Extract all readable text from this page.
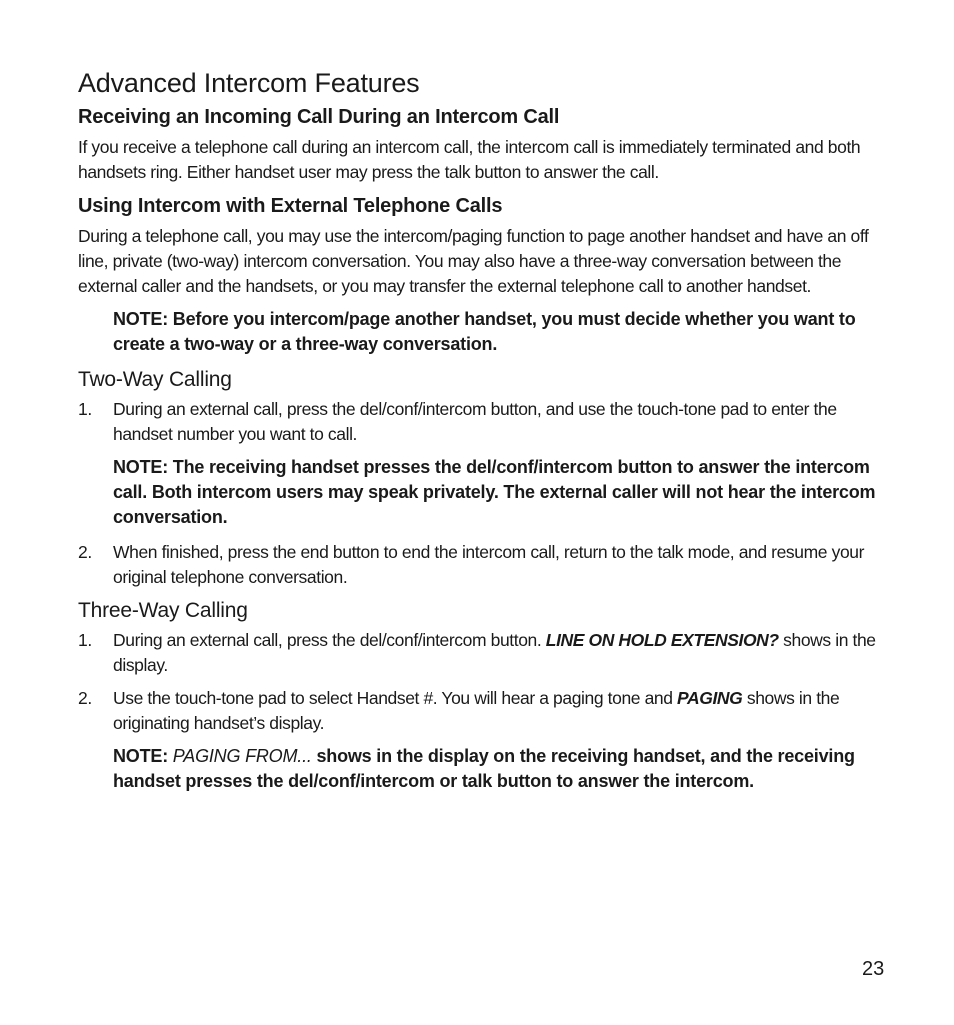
Advanced Intercom Features
Receiving an Incoming Call During an Intercom Call

If you receive a telephone call during an intercom call, the intercom call is immediately terminated and both handsets ring. Either handset user may press the talk button to answer the call.

Using Intercom with External Telephone Calls

During a telephone call, you may use the intercom/paging function to page another handset and have an off line, private (two-way) intercom conversation. You may also have a three-way conversation between the external caller and the handsets, or you may transfer the external telephone call to another handset.

NOTE: Before you intercom/page another handset, you must decide whether you want to create a two-way or a three-way conversation.

Two-Way Calling
1.	During an external call, press the del/conf/intercom button, and use the touch-tone pad to enter the handset number you want to call.

NOTE: The receiving handset presses the del/conf/intercom button to answer the intercom call. Both intercom users may speak privately. The external caller will not hear the intercom conversation.

2.	When finished, press the end button to end the intercom call, return to the talk mode, and resume your original telephone conversation.
Three-Way Calling
1.	During an external call, press the del/conf/intercom button. LINE ON HOLD EXTENSION? shows in the display.
2.	Use the touch-tone pad to select Handset #. You will hear a paging tone and PAGING shows in the originating handset’s display.

NOTE: PAGING FROM... shows in the display on the receiving handset, and the receiving handset presses the del/conf/intercom or talk button to answer the intercom.

23
